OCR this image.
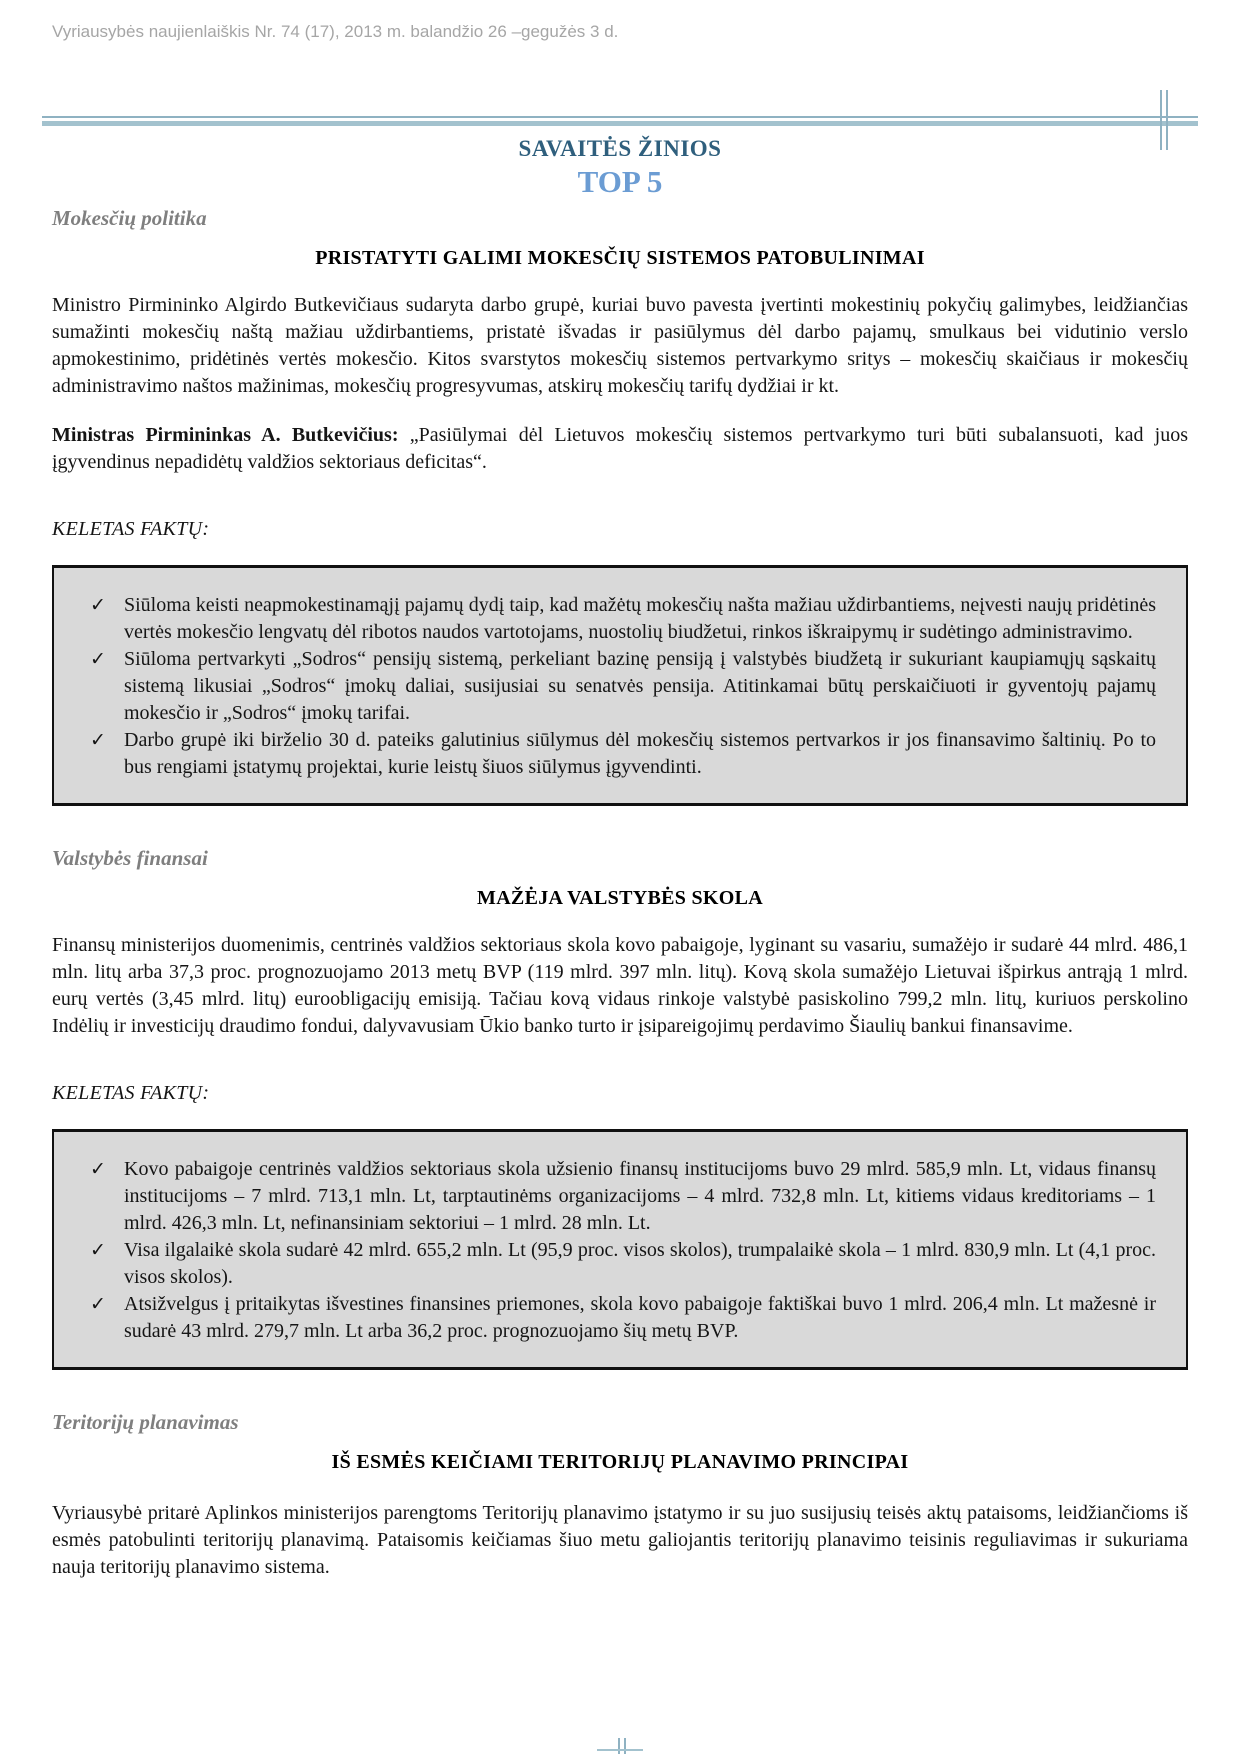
Vyriausybės naujienlaiškis Nr. 74 (17), 2013 m. balandžio 26 –gegužės 3 d.
SAVAITĖS ŽINIOS
TOP 5
Mokesčių politika
PRISTATYTI GALIMI MOKESČIŲ SISTEMOS PATOBULINIMAI

Ministro Pirmininko Algirdo Butkevičiaus sudaryta darbo grupė, kuriai buvo pavesta įvertinti mokestinių pokyčių galimybes, leidžiančias sumažinti mokesčių naštą mažiau uždirbantiems, pristatė išvadas ir pasiūlymus dėl darbo pajamų, smulkaus bei vidutinio verslo apmokestinimo, pridėtinės vertės mokesčio. Kitos svarstytos mokesčių sistemos pertvarkymo sritys – mokesčių skaičiaus ir mokesčių administravimo naštos mažinimas, mokesčių progresyvumas, atskirų mokesčių tarifų dydžiai ir kt.

Ministras Pirmininkas A. Butkevičius: „Pasiūlymai dėl Lietuvos mokesčių sistemos pertvarkymo turi būti subalansuoti, kad juos įgyvendinus nepadidėtų valdžios sektoriaus deficitas“.

KELETAS FAKTŲ:
✓ Siūloma keisti neapmokestinamąjį pajamų dydį taip, kad mažėtų mokesčių našta mažiau uždirbantiems, neįvesti naujų pridėtinės vertės mokesčio lengvatų dėl ribotos naudos vartotojams, nuostolių biudžetui, rinkos iškraipymų ir sudėtingo administravimo.
✓ Siūloma pertvarkyti „Sodros“ pensijų sistemą, perkeliant bazinę pensiją į valstybės biudžetą ir sukuriant kaupiamųjų sąskaitų sistemą likusiai „Sodros“ įmokų daliai, susijusiai su senatvės pensija. Atitinkamai būtų perskaičiuoti ir gyventojų pajamų mokesčio ir „Sodros“ įmokų tarifai.
✓ Darbo grupė iki birželio 30 d. pateiks galutinius siūlymus dėl mokesčių sistemos pertvarkos ir jos finansavimo šaltinių. Po to bus rengiami įstatymų projektai, kurie leistų šiuos siūlymus įgyvendinti.
Valstybės finansai
MAŽĖJA VALSTYBĖS SKOLA

Finansų ministerijos duomenimis, centrinės valdžios sektoriaus skola kovo pabaigoje, lyginant su vasariu, sumažėjo ir sudarė 44 mlrd. 486,1 mln. litų arba 37,3 proc. prognozuojamo 2013 metų BVP (119 mlrd. 397 mln. litų). Kovą skola sumažėjo Lietuvai išpirkus antrąją 1 mlrd. eurų vertės (3,45 mlrd. litų) euroobligacijų emisiją. Tačiau kovą vidaus rinkoje valstybė pasiskolino 799,2 mln. litų, kuriuos perskolino Indėlių ir investicijų draudimo fondui, dalyvavusiam Ūkio banko turto ir įsipareigojimų perdavimo Šiaulių bankui finansavime.

KELETAS FAKTŲ:
✓ Kovo pabaigoje centrinės valdžios sektoriaus skola užsienio finansų institucijoms buvo 29 mlrd. 585,9 mln. Lt, vidaus finansų institucijoms – 7 mlrd. 713,1 mln. Lt, tarptautinėms organizacijoms – 4 mlrd. 732,8 mln. Lt, kitiems vidaus kreditoriams – 1 mlrd. 426,3 mln. Lt, nefinansiniam sektoriui – 1 mlrd. 28 mln. Lt.
✓ Visa ilgalaikė skola sudarė 42 mlrd. 655,2 mln. Lt (95,9 proc. visos skolos), trumpalaikė skola – 1 mlrd. 830,9 mln. Lt (4,1 proc. visos skolos).
✓ Atsižvelgus į pritaikytas išvestines finansines priemones, skola kovo pabaigoje faktiškai buvo 1 mlrd. 206,4 mln. Lt mažesnė ir sudarė 43 mlrd. 279,7 mln. Lt arba 36,2 proc. prognozuojamo šių metų BVP.
Teritorijų planavimas
IŠ ESMĖS KEIČIAMI TERITORIJŲ PLANAVIMO PRINCIPAI

Vyriausybė pritarė Aplinkos ministerijos parengtoms Teritorijų planavimo įstatymo ir su juo susijusių teisės aktų pataisoms, leidžiančioms iš esmės patobulinti teritorijų planavimą. Pataisomis keičiamas šiuo metu galiojantis teritorijų planavimo teisinis reguliavimas ir sukuriama nauja teritorijų planavimo sistema.
